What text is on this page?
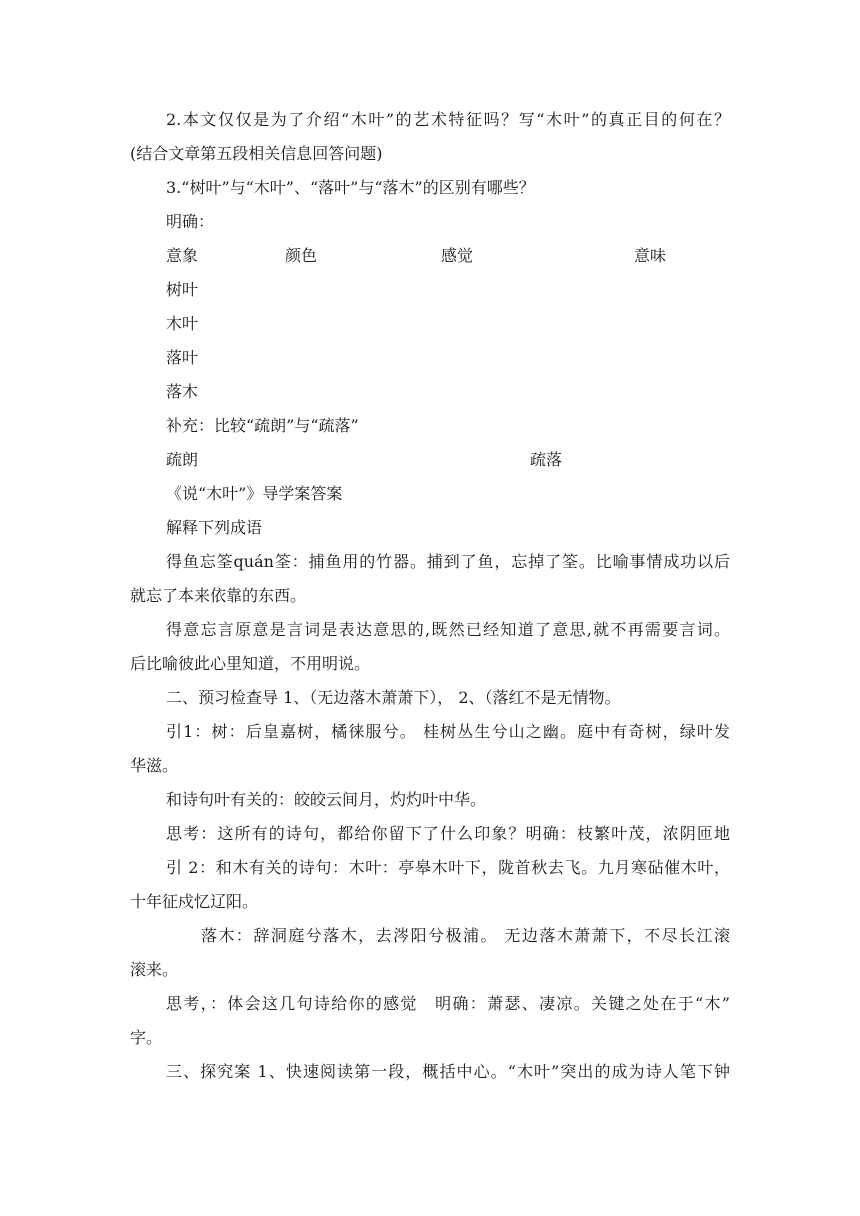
2.本文仅仅是为了介绍“木叶”的艺术特征吗？写“木叶”的真正目的何在？
(结合文章第五段相关信息回答问题)
3.“树叶”与“木叶”、“落叶”与“落木”的区别有哪些？
明确：
意象	颜色	感觉	意味
树叶
木叶
落叶
落木
补充：比较“疏朗”与“疏落”
疏朗	疏落
《说“木叶”》导学案答案
解释下列成语
得鱼忘筌quán筌：捕鱼用的竹器。捕到了鱼，忘掉了筌。比喻事情成功以后
就忘了本来依靠的东西。
得意忘言原意是言词是表达意思的,既然已经知道了意思,就不再需要言词。
后比喻彼此心里知道，不用明说。
二、预习检查导 1、（无边落木萧萧下）， 2、（落红不是无情物。
引1：树：后皇嘉树，橘徕服兮。 桂树丛生兮山之幽。庭中有奇树，绿叶发
华滋。
和诗句叶有关的：皎皎云间月，灼灼叶中华。
思考：这所有的诗句，都给你留下了什么印象？明确：枝繁叶茂，浓阴匝地
引 2：和木有关的诗句：木叶：亭皋木叶下，陇首秋去飞。九月寒砧催木叶，
十年征戍忆辽阳。
落木：辞洞庭兮落木，去涔阳兮极浦。 无边落木萧萧下，不尽长江滚
滚来。
思考，：体会这几句诗给你的感觉　明确：萧瑟、凄凉。关键之处在于“木”
字。
三、探究案 1、快速阅读第一段，概括中心。“木叶”突出的成为诗人笔下钟
